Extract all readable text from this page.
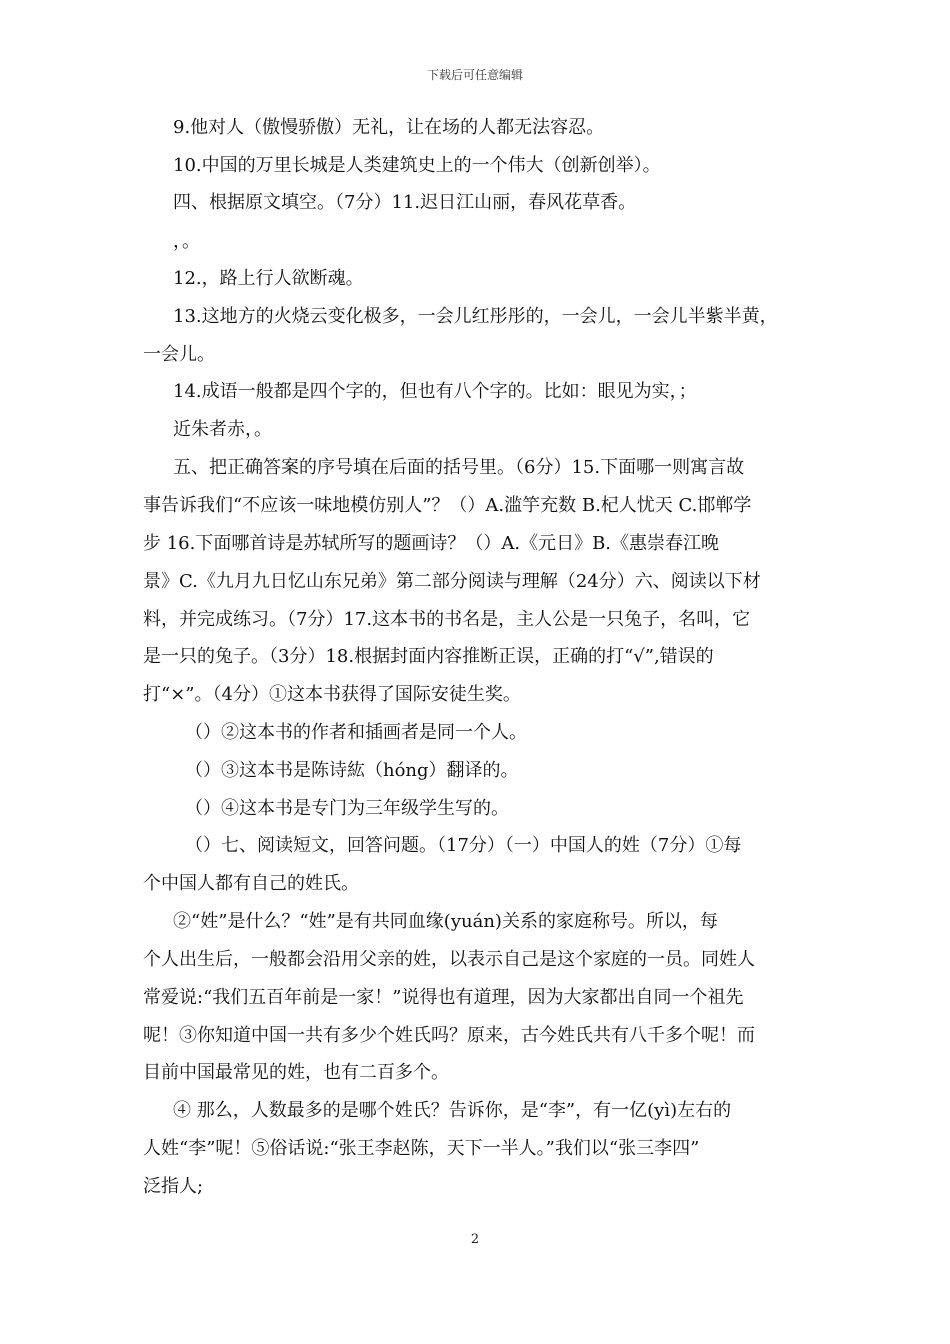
下载后可任意编辑
9.他对人（傲慢骄傲）无礼，让在场的人都无法容忍。
10.中国的万里长城是人类建筑史上的一个伟大（创新创举）。
四、根据原文填空。（7分）11.迟日江山丽，春风花草香。
，。
12.，路上行人欲断魂。
13.这地方的火烧云变化极多，一会儿红彤彤的，一会儿，一会儿半紫半黄，
一会儿。
14.成语一般都是四个字的，但也有八个字的。比如：眼见为实，；
近朱者赤，。
五、把正确答案的序号填在后面的括号里。（6分）15.下面哪一则寓言故
事告诉我们“不应该一味地模仿别人”？（）A.滥竽充数 B.杞人忧天 C.邯郸学
步 16.下面哪首诗是苏轼所写的题画诗？（）A.《元日》B.《惠崇春江晚
景》C.《九月九日忆山东兄弟》第二部分阅读与理解（24分）六、阅读以下材
料，并完成练习。（7分）17.这本书的书名是，主人公是一只兔子，名叫，它
是一只的兔子。（3分）18.根据封面内容推断正误，正确的打“√”,错误的
打“×”。（4分）①这本书获得了国际安徒生奖。
（）②这本书的作者和插画者是同一个人。
（）③这本书是陈诗紘（hóng）翻译的。
（）④这本书是专门为三年级学生写的。
（）七、阅读短文，回答问题。（17分）（一）中国人的姓（7分）①每
个中国人都有自己的姓氏。
②“姓”是什么？“姓”是有共同血缘(yuán)关系的家庭称号。所以，每
个人出生后，一般都会沿用父亲的姓，以表示自己是这个家庭的一员。同姓人
常爱说:“我们五百年前是一家！”说得也有道理，因为大家都出自同一个祖先
呢！③你知道中国一共有多少个姓氏吗？原来，古今姓氏共有八千多个呢！而
目前中国最常见的姓，也有二百多个。
④ 那么，人数最多的是哪个姓氏？告诉你，是“李”，有一亿(yì)左右的
人姓“李”呢！⑤俗话说:“张王李赵陈，天下一半人。”我们以“张三李四”
泛指人;
2
